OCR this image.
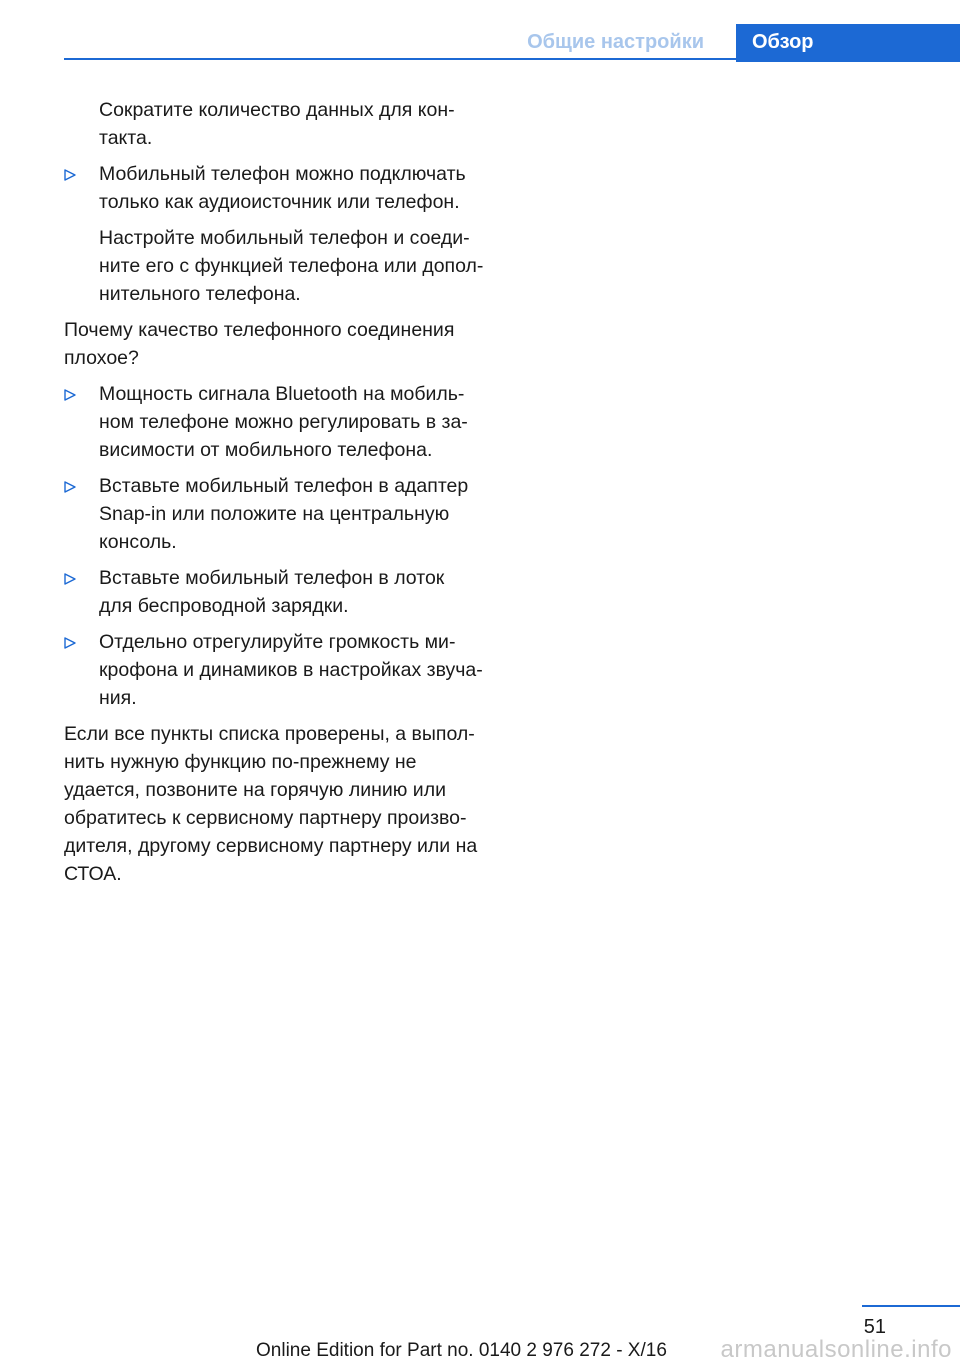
Общие настройки	Обзор

Сократите количество данных для кон‐
такта.

Мобильный телефон можно подключать
только как аудиоисточник или телефон.

Настройте мобильный телефон и соеди‐
ните его с функцией телефона или допол‐
нительного телефона.

Почему качество телефонного соединения
плохое?

Мощность сигнала Bluetooth на мобиль‐
ном телефоне можно регулировать в за‐
висимости от мобильного телефона.
Вставьте мобильный телефон в адаптер
Snap-in или положите на центральную
консоль.
Вставьте мобильный телефон в лоток
для беспроводной зарядки.
Отдельно отрегулируйте громкость ми‐
крофона и динамиков в настройках звуча‐
ния.

Если все пункты списка проверены, а выпол‐
нить нужную функцию по-прежнему не
удается, позвоните на горячую линию или
обратитесь к сервисному партнеру произво‐
дителя, другому сервисному партнеру или на
СТОА.

51
armanualsonline.info
Online Edition for Part no. 0140 2 976 272 - X/16
